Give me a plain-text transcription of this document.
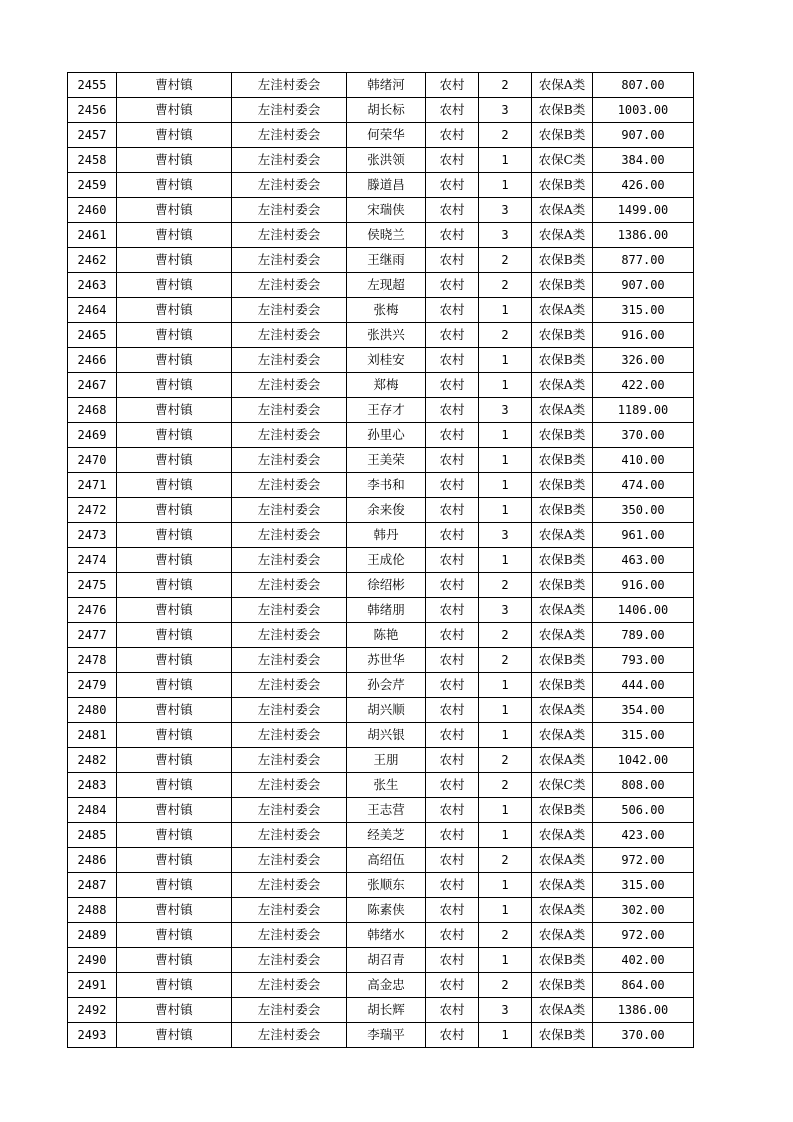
2455	曹村镇	左洼村委会	韩绪河	农村	2	农保A类	807.00
2456	曹村镇	左洼村委会	胡长标	农村	3	农保B类	1003.00
2457	曹村镇	左洼村委会	何荣华	农村	2	农保B类	907.00
2458	曹村镇	左洼村委会	张洪领	农村	1	农保C类	384.00
2459	曹村镇	左洼村委会	滕道昌	农村	1	农保B类	426.00
2460	曹村镇	左洼村委会	宋瑞侠	农村	3	农保A类	1499.00
2461	曹村镇	左洼村委会	侯晓兰	农村	3	农保A类	1386.00
2462	曹村镇	左洼村委会	王继雨	农村	2	农保B类	877.00
2463	曹村镇	左洼村委会	左现超	农村	2	农保B类	907.00
2464	曹村镇	左洼村委会	张梅	农村	1	农保A类	315.00
2465	曹村镇	左洼村委会	张洪兴	农村	2	农保B类	916.00
2466	曹村镇	左洼村委会	刘桂安	农村	1	农保B类	326.00
2467	曹村镇	左洼村委会	郑梅	农村	1	农保A类	422.00
2468	曹村镇	左洼村委会	王存才	农村	3	农保A类	1189.00
2469	曹村镇	左洼村委会	孙里心	农村	1	农保B类	370.00
2470	曹村镇	左洼村委会	王美荣	农村	1	农保B类	410.00
2471	曹村镇	左洼村委会	李书和	农村	1	农保B类	474.00
2472	曹村镇	左洼村委会	余来俊	农村	1	农保B类	350.00
2473	曹村镇	左洼村委会	韩丹	农村	3	农保A类	961.00
2474	曹村镇	左洼村委会	王成伦	农村	1	农保B类	463.00
2475	曹村镇	左洼村委会	徐绍彬	农村	2	农保B类	916.00
2476	曹村镇	左洼村委会	韩绪朋	农村	3	农保A类	1406.00
2477	曹村镇	左洼村委会	陈艳	农村	2	农保A类	789.00
2478	曹村镇	左洼村委会	苏世华	农村	2	农保B类	793.00
2479	曹村镇	左洼村委会	孙会芹	农村	1	农保B类	444.00
2480	曹村镇	左洼村委会	胡兴顺	农村	1	农保A类	354.00
2481	曹村镇	左洼村委会	胡兴银	农村	1	农保A类	315.00
2482	曹村镇	左洼村委会	王朋	农村	2	农保A类	1042.00
2483	曹村镇	左洼村委会	张生	农村	2	农保C类	808.00
2484	曹村镇	左洼村委会	王志营	农村	1	农保B类	506.00
2485	曹村镇	左洼村委会	经美芝	农村	1	农保A类	423.00
2486	曹村镇	左洼村委会	高绍伍	农村	2	农保A类	972.00
2487	曹村镇	左洼村委会	张顺东	农村	1	农保A类	315.00
2488	曹村镇	左洼村委会	陈素侠	农村	1	农保A类	302.00
2489	曹村镇	左洼村委会	韩绪水	农村	2	农保A类	972.00
2490	曹村镇	左洼村委会	胡召青	农村	1	农保B类	402.00
2491	曹村镇	左洼村委会	高金忠	农村	2	农保B类	864.00
2492	曹村镇	左洼村委会	胡长辉	农村	3	农保A类	1386.00
2493	曹村镇	左洼村委会	李瑞平	农村	1	农保B类	370.00
